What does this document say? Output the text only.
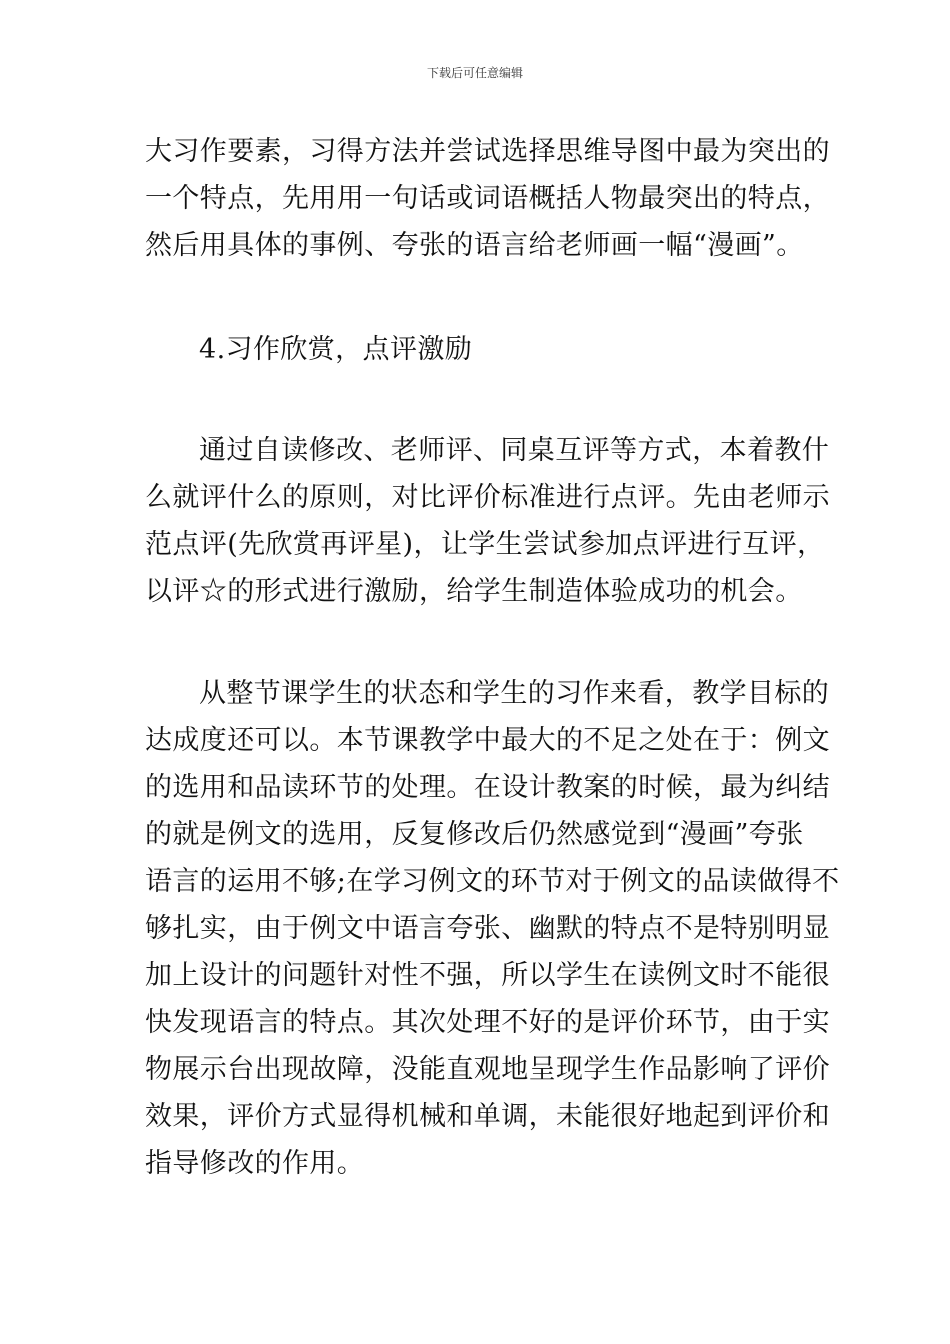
下载后可任意编辑
大习作要素，习得方法并尝试选择思维导图中最为突出的
一个特点，先用用一句话或词语概括人物最突出的特点，
然后用具体的事例、夸张的语言给老师画一幅“漫画”。
4.习作欣赏，点评激励
通过自读修改、老师评、同桌互评等方式，本着教什
么就评什么的原则，对比评价标准进行点评。先由老师示
范点评(先欣赏再评星)，让学生尝试参加点评进行互评，
以评☆的形式进行激励，给学生制造体验成功的机会。
从整节课学生的状态和学生的习作来看，教学目标的
达成度还可以。本节课教学中最大的不足之处在于：例文
的选用和品读环节的处理。在设计教案的时候，最为纠结
的就是例文的选用，反复修改后仍然感觉到“漫画”夸张
语言的运用不够;在学习例文的环节对于例文的品读做得不
够扎实，由于例文中语言夸张、幽默的特点不是特别明显
加上设计的问题针对性不强，所以学生在读例文时不能很
快发现语言的特点。其次处理不好的是评价环节，由于实
物展示台出现故障，没能直观地呈现学生作品影响了评价
效果，评价方式显得机械和单调，未能很好地起到评价和
指导修改的作用。
